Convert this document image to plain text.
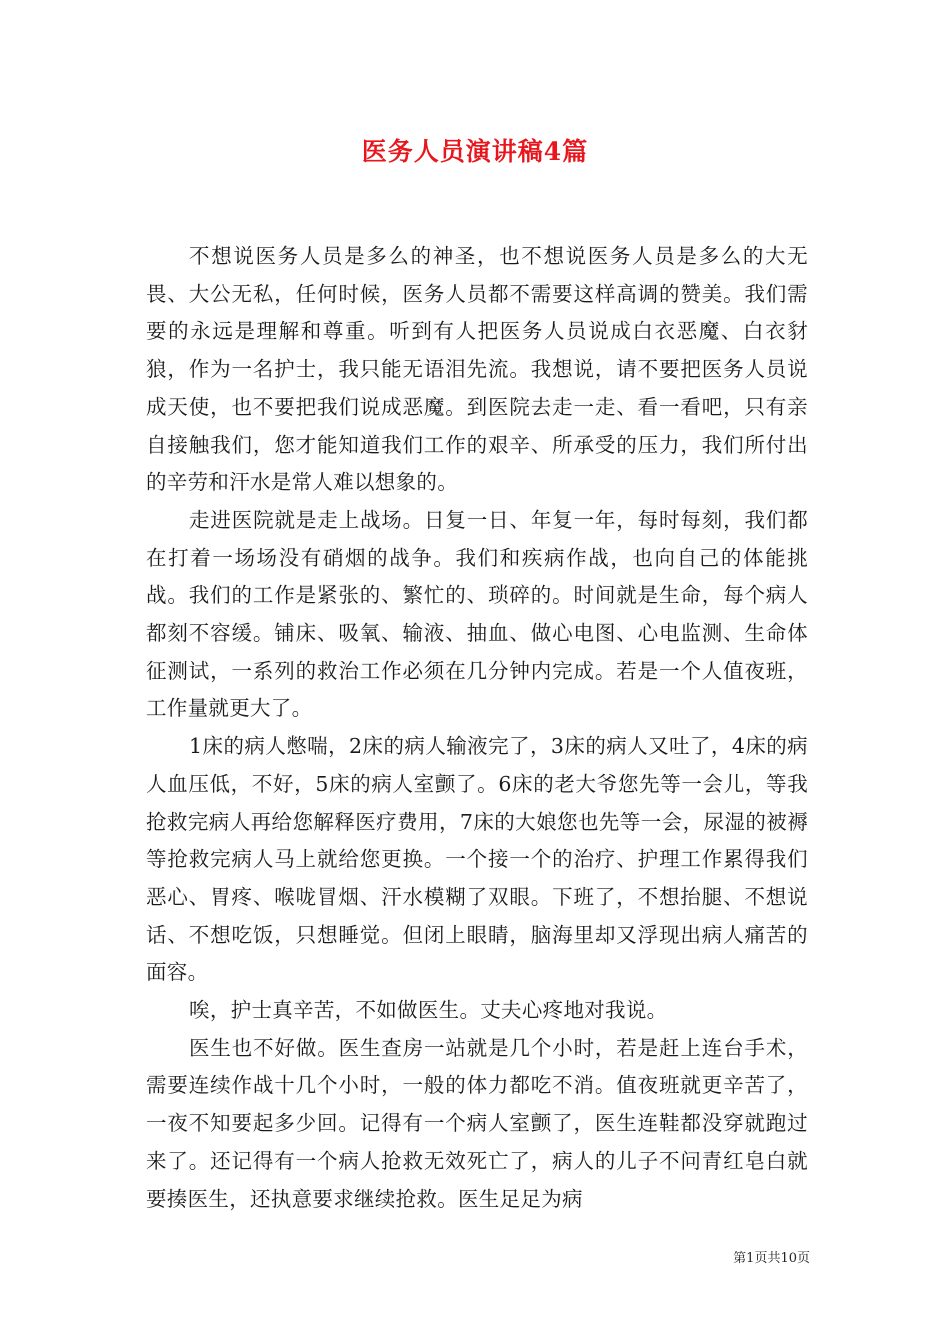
医务人员演讲稿4篇

不想说医务人员是多么的神圣，也不想说医务人员是多么的大无畏、大公无私，任何时候，医务人员都不需要这样高调的赞美。我们需要的永远是理解和尊重。听到有人把医务人员说成白衣恶魔、白衣豺狼，作为一名护士，我只能无语泪先流。我想说，请不要把医务人员说成天使，也不要把我们说成恶魔。到医院去走一走、看一看吧，只有亲自接触我们，您才能知道我们工作的艰辛、所承受的压力，我们所付出的辛劳和汗水是常人难以想象的。

走进医院就是走上战场。日复一日、年复一年，每时每刻，我们都在打着一场场没有硝烟的战争。我们和疾病作战，也向自己的体能挑战。我们的工作是紧张的、繁忙的、琐碎的。时间就是生命，每个病人都刻不容缓。铺床、吸氧、输液、抽血、做心电图、心电监测、生命体征测试，一系列的救治工作必须在几分钟内完成。若是一个人值夜班，工作量就更大了。

1床的病人憋喘，2床的病人输液完了，3床的病人又吐了，4床的病人血压低，不好，5床的病人室颤了。6床的老大爷您先等一会儿，等我抢救完病人再给您解释医疗费用，7床的大娘您也先等一会，尿湿的被褥等抢救完病人马上就给您更换。一个接一个的治疗、护理工作累得我们恶心、胃疼、喉咙冒烟、汗水模糊了双眼。下班了，不想抬腿、不想说话、不想吃饭，只想睡觉。但闭上眼睛，脑海里却又浮现出病人痛苦的面容。

唉，护士真辛苦，不如做医生。丈夫心疼地对我说。

医生也不好做。医生查房一站就是几个小时，若是赶上连台手术，需要连续作战十几个小时，一般的体力都吃不消。值夜班就更辛苦了，一夜不知要起多少回。记得有一个病人室颤了，医生连鞋都没穿就跑过来了。还记得有一个病人抢救无效死亡了，病人的儿子不问青红皂白就要揍医生，还执意要求继续抢救。医生足足为病

第1页共10页
